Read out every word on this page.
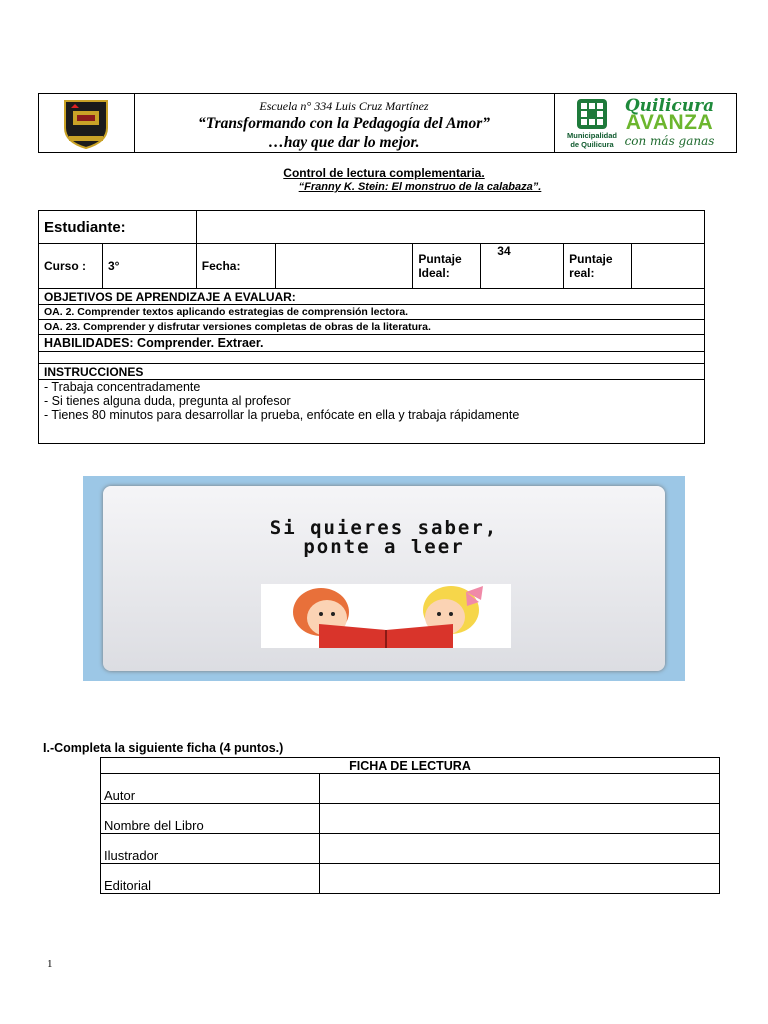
Escuela n° 334 Luis Cruz Martínez
“Transformando con la Pedagogía del Amor”
…hay que dar lo mejor.	Municipalidad
de Quilicura
Quilicura
AVANZA
con más ganas
Control de lectura complementaria.
“Franny K. Stein: El monstruo de la calabaza”.
Estudiante:							
Curso :	3°	Fecha:		Puntaje Ideal:	34	Puntaje real:	
OBJETIVOS DE APRENDIZAJE A EVALUAR:							
OA. 2. Comprender textos aplicando estrategias de comprensión lectora.							
OA. 23. Comprender y disfrutar versiones completas de obras de la literatura.							
HABILIDADES: Comprender. Extraer.							

INSTRUCCIONES							

- Trabaja concentradamente
- Si tienes alguna duda, pregunta al profesor
- Tienes 80 minutos para desarrollar la prueba, enfócate en ella y trabaja rápidamente							
Si quieres saber,
ponte a leer
I.-Completa la siguiente ficha (4 puntos.)
FICHA DE LECTURA	
Autor	
Nombre del Libro	
Ilustrador	
Editorial	
1
